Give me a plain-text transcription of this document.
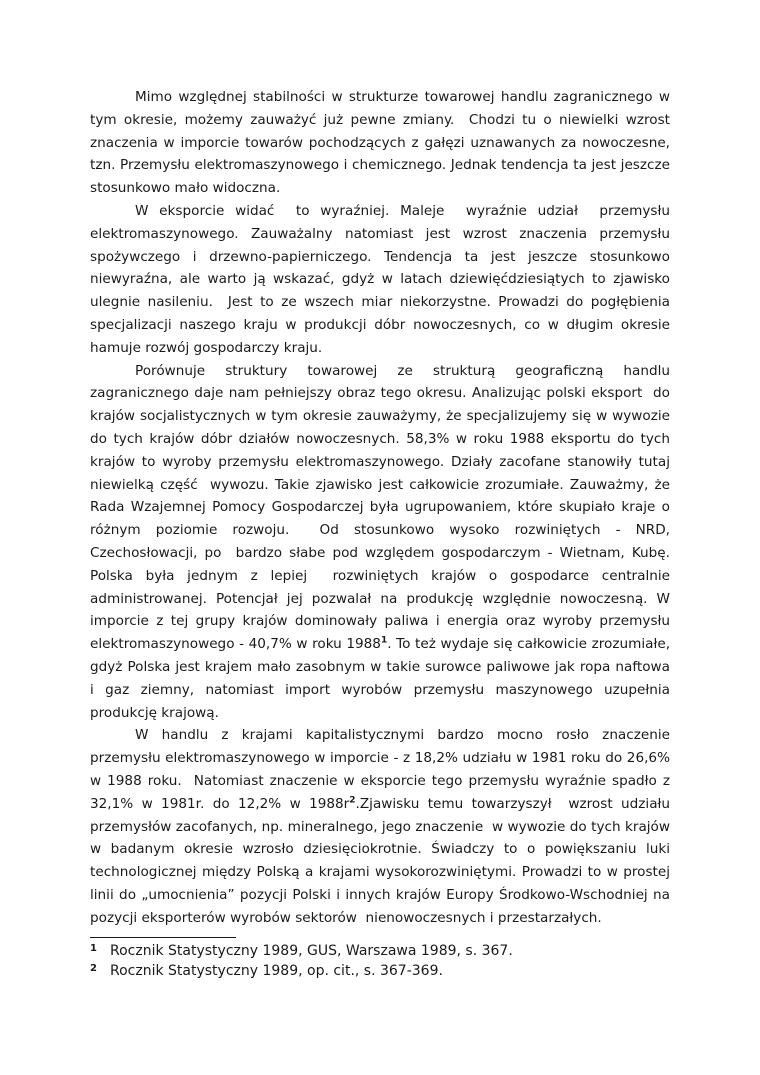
Mimo względnej stabilności w strukturze towarowej handlu zagranicznego w tym okresie, możemy zauważyć już pewne zmiany.  Chodzi tu o niewielki wzrost znaczenia w imporcie towarów pochodzących z gałęzi uznawanych za nowoczesne, tzn. Przemysłu elektromaszynowego i chemicznego. Jednak tendencja ta jest jeszcze stosunkowo mało widoczna.

W eksporcie widać  to wyraźniej. Maleje  wyraźnie udział  przemysłu elektromaszynowego. Zauważalny natomiast jest wzrost znaczenia przemysłu spożywczego i drzewno-papierniczego. Tendencja ta jest jeszcze stosunkowo niewyraźna, ale warto ją wskazać, gdyż w latach dziewięćdziesiątych to zjawisko ulegnie nasileniu.  Jest to ze wszech miar niekorzystne. Prowadzi do pogłębienia specjalizacji naszego kraju w produkcji dóbr nowoczesnych, co w długim okresie hamuje rozwój gospodarczy kraju.

Porównuje struktury towarowej ze strukturą geograficzną handlu zagranicznego daje nam pełniejszy obraz tego okresu. Analizując polski eksport  do krajów socjalistycznych w tym okresie zauważymy, że specjalizujemy się w wywozie do tych krajów dóbr działów nowoczesnych. 58,3% w roku 1988 eksportu do tych krajów to wyroby przemysłu elektromaszynowego. Działy zacofane stanowiły tutaj niewielką część  wywozu. Takie zjawisko jest całkowicie zrozumiałe. Zauważmy, że Rada Wzajemnej Pomocy Gospodarczej była ugrupowaniem, które skupiało kraje o różnym poziomie rozwoju.  Od stosunkowo wysoko rozwiniętych - NRD, Czechosłowacji, po  bardzo słabe pod względem gospodarczym - Wietnam, Kubę. Polska była jednym z lepiej  rozwiniętych krajów o gospodarce centralnie administrowanej. Potencjał jej pozwalał na produkcję względnie nowoczesną. W imporcie z tej grupy krajów dominowały paliwa i energia oraz wyroby przemysłu elektromaszynowego - 40,7% w roku 1988$^1$. To też wydaje się całkowicie zrozumiałe, gdyż Polska jest krajem mało zasobnym w takie surowce paliwowe jak ropa naftowa  i gaz ziemny, natomiast import wyrobów przemysłu maszynowego uzupełnia  produkcję krajową.

W handlu z krajami kapitalistycznymi bardzo mocno rosło znaczenie przemysłu elektromaszynowego w imporcie - z 18,2% udziału w 1981 roku do 26,6% w 1988 roku.  Natomiast znaczenie w eksporcie tego przemysłu wyraźnie spadło z 32,1% w 1981r. do 12,2% w 1988r$^2$.Zjawisku temu towarzyszył  wzrost udziału przemysłów zacofanych, np. mineralnego, jego znaczenie  w wywozie do tych krajów w badanym okresie wzrosło dziesięciokrotnie. Świadczy to o powiększaniu luki technologicznej między Polską a krajami wysokorozwiniętymi. Prowadzi to w prostej linii do „umocnienia” pozycji Polski i innych krajów Europy Środkowo-Wschodniej na pozycji eksporterów wyrobów sektorów  nienowoczesnych i przestarzałych.

1 Rocznik Statystyczny 1989, GUS, Warszawa 1989, s. 367.
2 Rocznik Statystyczny 1989, op. cit., s. 367-369.
